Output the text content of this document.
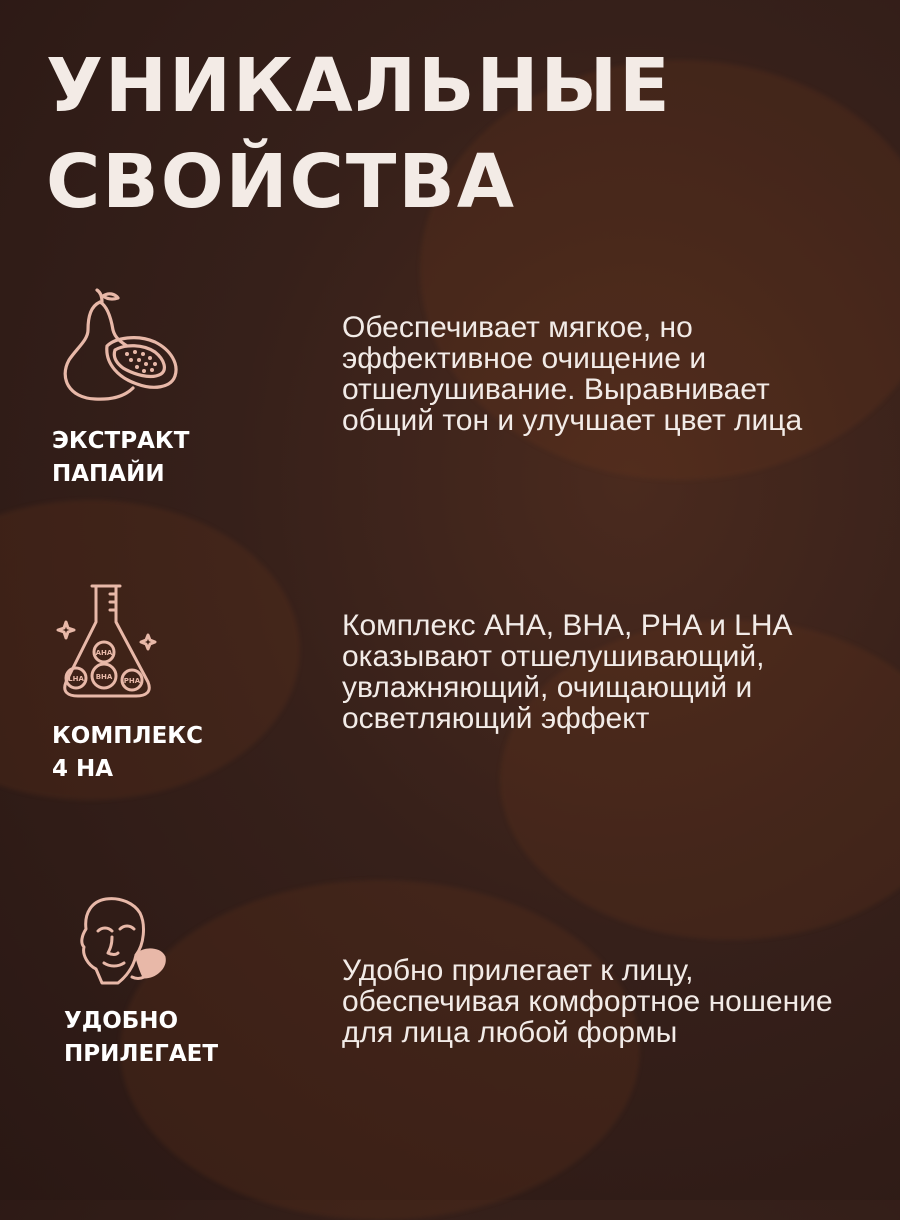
УНИКАЛЬНЫЕ
СВОЙСТВА
ЭКСТРАКТ
ПАПАЙИ

Обеспечивает мягкое, но эффективное очищение и отшелушивание. Выравнивает общий тон и улучшает цвет лица

AHA
LHA BHA PHA
КОМПЛЕКС
4 НА

Комплекс AHA, BHA, PHA и LHA оказывают отшелушивающий, увлажняющий, очищающий и осветляющий эффект

УДОБНО
ПРИЛЕГАЕТ

Удобно прилегает к лицу, обеспечивая комфортное ношение для лица любой формы
